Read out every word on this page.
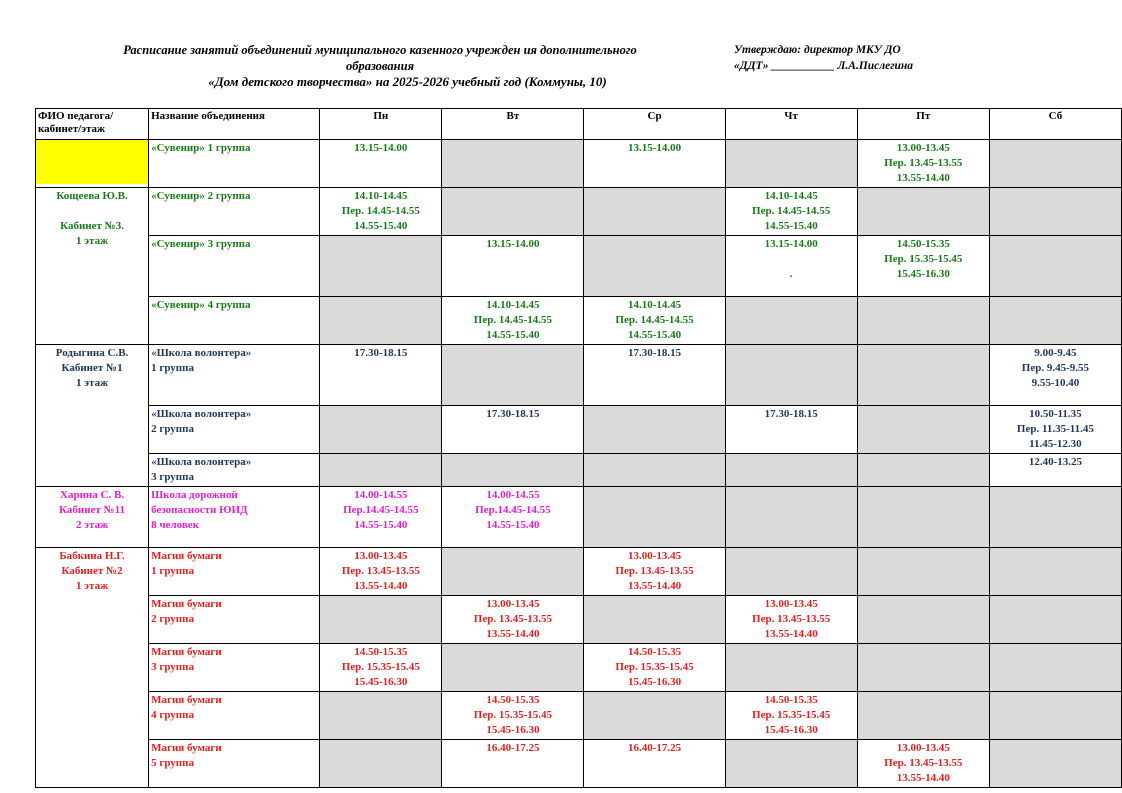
Расписание занятий объединений муниципального казенного учрежден ия дополнительного
образования
«Дом детского творчества» на 2025-2026 учебный год (Коммуны, 10)
Утверждаю: директор МКУ ДО
«ДДТ» ___________ Л.А.Пислегина
ФИО педагога/ кабинет/этаж	Название объединения	Пн	Вт	Ср	Чт	Пт	Сб

	«Сувенир» 1 группа	13.15-14.00		13.15-14.00		13.00-13.45
Пер. 13.45-13.55
13.55-14.40	

Кощеева Ю.В.

Кабинет №3.
1 этаж	«Сувенир» 2 группа	14.10-14.45
Пер. 14.45-14.55
14.55-15.40			14.10-14.45
Пер. 14.45-14.55
14.55-15.40		

	«Сувенир» 3 группа		13.15-14.00		13.15-14.00

.	14.50-15.35
Пер. 15.35-15.45
15.45-16.30	

	«Сувенир» 4 группа		14.10-14.45
Пер. 14.45-14.55
14.55-15.40	14.10-14.45
Пер. 14.45-14.55
14.55-15.40			

Родыгина С.В.
Кабинет №1
1 этаж	«Школа волонтера»
1 группа	17.30-18.15		17.30-18.15			9.00-9.45
Пер. 9.45-9.55
9.55-10.40

	«Школа волонтера»
2 группа		17.30-18.15		17.30-18.15		10.50-11.35
Пер. 11.35-11.45
11.45-12.30

	«Школа волонтера»
3 группа						12.40-13.25

Харина С. В.
Кабинет №11
2 этаж	Школа дорожной
безопасности ЮИД
8 человек	14.00-14.55
Пер.14.45-14.55
14.55-15.40	14.00-14.55
Пер.14.45-14.55
14.55-15.40				

Бабкина Н.Г.
Кабинет №2
1 этаж	Магия бумаги
1 группа	13.00-13.45
Пер. 13.45-13.55
13.55-14.40		13.00-13.45
Пер. 13.45-13.55
13.55-14.40			

	Магия бумаги
2 группа		13.00-13.45
Пер. 13.45-13.55
13.55-14.40		13.00-13.45
Пер. 13.45-13.55
13.55-14.40		

	Магия бумаги
3 группа	14.50-15.35
Пер. 15.35-15.45
15.45-16.30		14.50-15.35
Пер. 15.35-15.45
15.45-16.30			

	Магия бумаги
4 группа		14.50-15.35
Пер. 15.35-15.45
15.45-16.30		14.50-15.35
Пер. 15.35-15.45
15.45-16.30		

	Магия бумаги
5 группа		16.40-17.25	16.40-17.25		13.00-13.45
Пер. 13.45-13.55
13.55-14.40	
